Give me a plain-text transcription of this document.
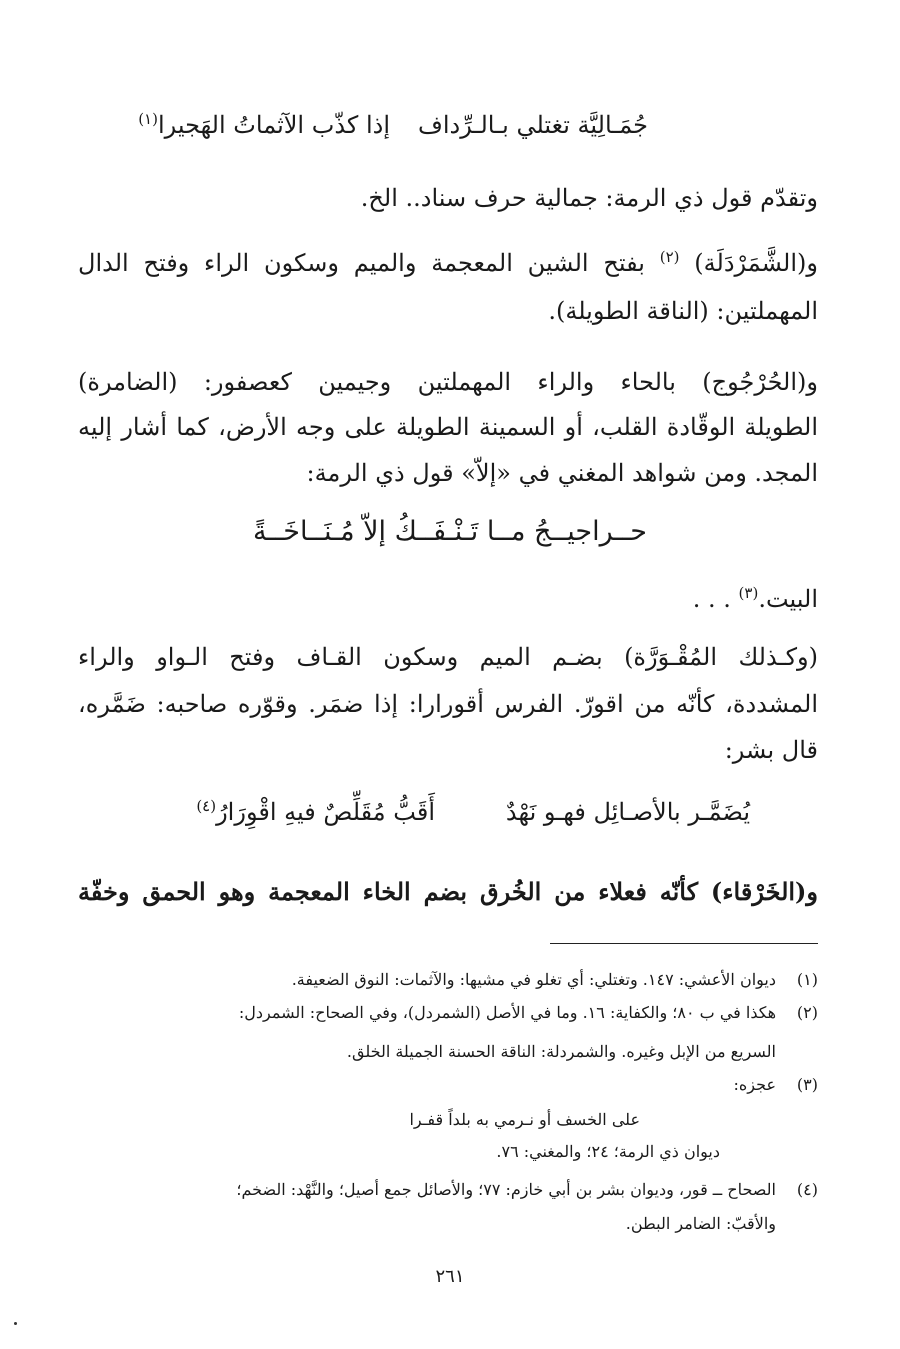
جُمَـالِيَّة تغتلي بـالـرِّداف
إذا كذّب الآثماتُ الهَجيرا$^{(١)}$
وتقدّم قول ذي الرمة: جمالية حرف سناد.. الخ.
و(الشَّمَرْدَلَة) $^{(٢)}$ بفتح الشين المعجمة والميم وسكون الراء وفتح الدال
المهملتين: (الناقة الطويلة).
و(الحُرْجُوج) بالحاء والراء المهملتين وجيمين كعصفور: (الضامرة)
الطويلة الوقّادة القلب، أو السمينة الطويلة على وجه الأرض، كما أشار إليه
المجد. ومن شواهد المغني في «إلاّ» قول ذي الرمة:
حــراجيــجُ مــا تَـنْـفَــكُ إلاّ مُـنَــاخَــةً
البيت.$^{(٣)}$ . . .
(وكـذلك المُقْـوَرَّة) بضـم الميم وسكون القـاف وفتح الـواو والراء
المشددة، كأنّه من اقورّ. الفرس أقورارا: إذا ضمَر. وقوّره صاحبه: ضَمَّره،
قال بشر:
يُضَمَّـر بالأصـائِل فهـو نَهْدٌ
أَقَبُّ مُقَلِّصٌ فيهِ اقْوِرَارُ$^{(٤)}$
و(الخَرْقاء) كأنّه فعلاء من الخُرق بضم الخاء المعجمة وهو الحمق وخفّة
(١)ديوان الأعشي: ١٤٧. وتغتلي: أي تغلو في مشيها: والآثمات: النوق الضعيفة.
(٢)هكذا في ب ٨٠؛ والكفاية: ١٦. وما في الأصل (الشمردل)، وفي الصحاح: الشمردل:
السريع من الإبل وغيره. والشمردلة: الناقة الحسنة الجميلة الخلق.
(٣)عجزه:
على الخسف أو نـرمي به بلداً قفـرا
ديوان ذي الرمة؛ ٢٤؛ والمغني: ٧٦.
(٤)الصحاح ــ قور، وديوان بشر بن أبي خازم: ٧٧؛ والأصائل جمع أصيل؛ والنَّهْد: الضخم؛
والأقبّ: الضامر البطن.
٢٦١
